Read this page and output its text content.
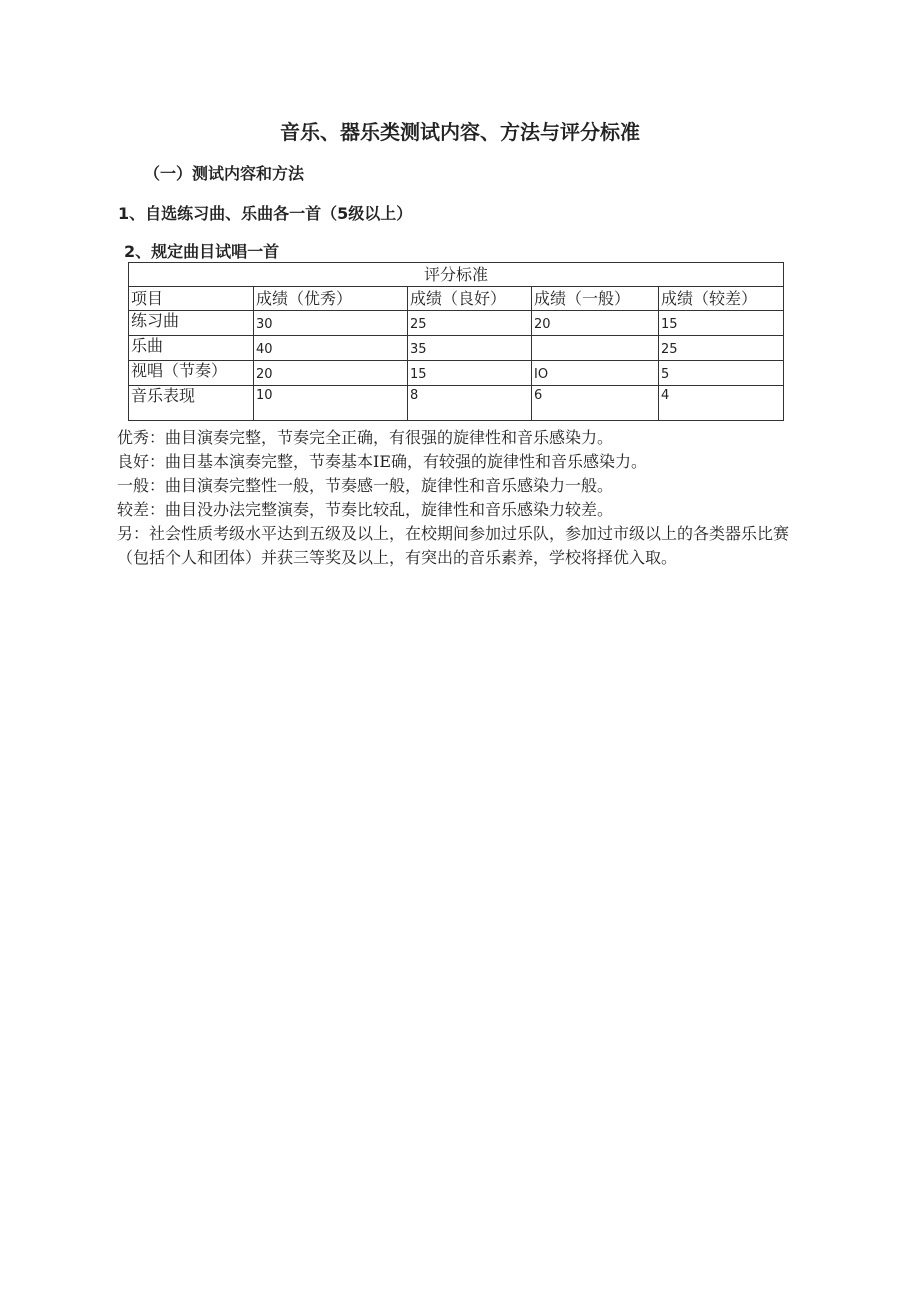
音乐、器乐类测试内容、方法与评分标准
（一）测试内容和方法
1、自选练习曲、乐曲各一首（5级以上）
2、规定曲目试唱一首
评分标准				
项目	成绩（优秀）	成绩（良好）	成绩（一般）	成绩（较差）
练习曲	30	25	20	15
乐曲	40	35		25
视唱（节奏）	20	15	IO	5
音乐表现	10	8	6	4

优秀：曲目演奏完整，节奏完全正确，有很强的旋律性和音乐感染力。

良好：曲目基本演奏完整，节奏基本IE确，有较强的旋律性和音乐感染力。

一般：曲目演奏完整性一般，节奏感一般，旋律性和音乐感染力一般。

较差：曲目没办法完整演奏，节奏比较乱，旋律性和音乐感染力较差。

另：社会性质考级水平达到五级及以上，在校期间参加过乐队，参加过市级以上的各类器乐比赛（包括个人和团体）并获三等奖及以上，有突出的音乐素养，学校将择优入取。
